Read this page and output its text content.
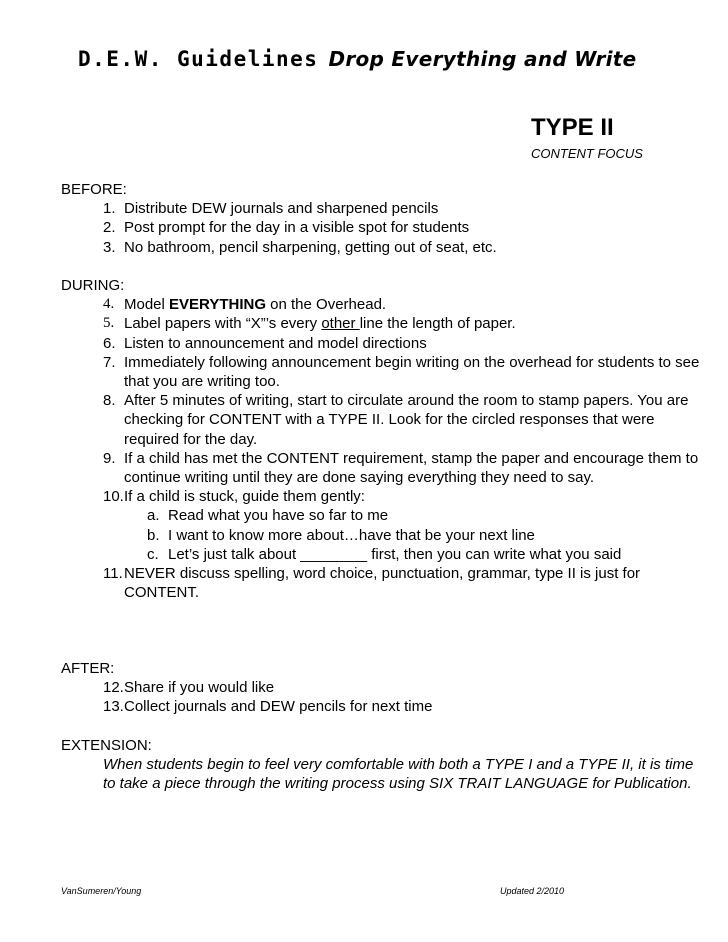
D.E.W. Guidelines Drop Everything and Write
TYPE II
CONTENT FOCUS
BEFORE:
1. Distribute DEW journals and sharpened pencils
2. Post prompt for the day in a visible spot for students
3. No bathroom, pencil sharpening, getting out of seat, etc.
DURING:
4. Model EVERYTHING on the Overhead.
5. Label papers with “X”’s every other line the length of paper.
6. Listen to announcement and model directions
7. Immediately following announcement begin writing on the overhead for students to see that you are writing too.
8. After 5 minutes of writing, start to circulate around the room to stamp papers. You are checking for CONTENT with a TYPE II. Look for the circled responses that were required for the day.
9. If a child has met the CONTENT requirement, stamp the paper and encourage them to continue writing until they are done saying everything they need to say.
10. If a child is stuck, guide them gently:
a. Read what you have so far to me
b. I want to know more about…have that be your next line
c. Let’s just talk about ________ first, then you can write what you said
11. NEVER discuss spelling, word choice, punctuation, grammar, type II is just for CONTENT.
AFTER:
12. Share if you would like
13. Collect journals and DEW pencils for next time
EXTENSION:
When students begin to feel very comfortable with both a TYPE I and a TYPE II, it is time to take a piece through the writing process using SIX TRAIT LANGUAGE for Publication.
VanSumeren/Young	Updated 2/2010
